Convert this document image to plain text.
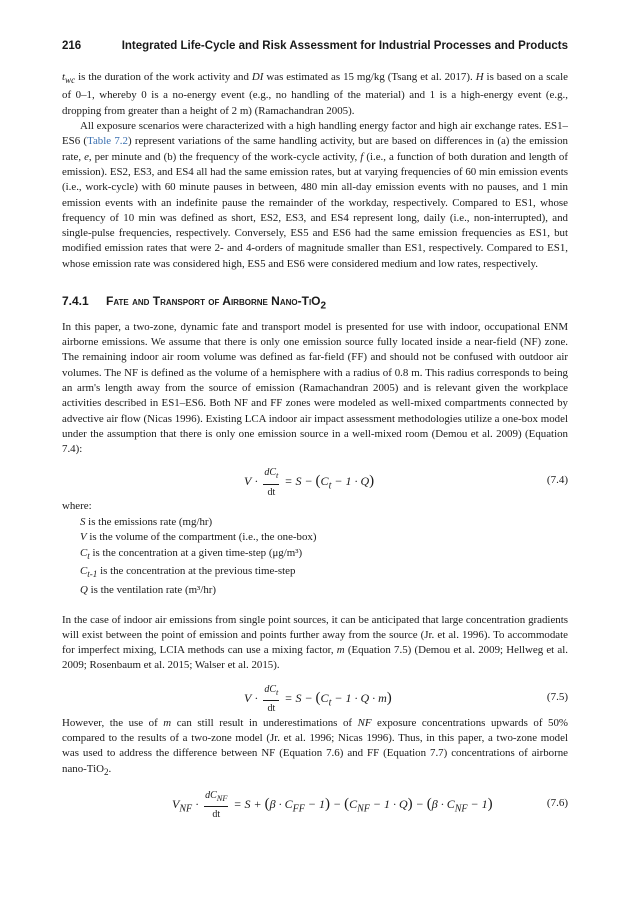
216	Integrated Life-Cycle and Risk Assessment for Industrial Processes and Products

$t_{wc}$ is the duration of the work activity and DI was estimated as 15 mg/kg (Tsang et al. 2017). H is based on a scale of 0–1, whereby 0 is a no-energy event (e.g., no handling of the material) and 1 is a high-energy event (e.g., dropping from greater than a height of 2 m) (Ramachandran 2005).

All exposure scenarios were characterized with a high handling energy factor and high air exchange rates. ES1–ES6 (Table 7.2) represent variations of the same handling activity, but are based on differences in (a) the emission rate, e, per minute and (b) the frequency of the work-cycle activity, f (i.e., a function of both duration and length of emission). ES2, ES3, and ES4 all had the same emission rates, but at varying frequencies of 60 min emission events (i.e., work-cycle) with 60 minute pauses in between, 480 min all-day emission events with no pauses, and 1 min emission events with an indefinite pause the remainder of the workday, respectively. Compared to ES1, whose frequency of 10 min was defined as short, ES2, ES3, and ES4 represent long, daily (i.e., non-interrupted), and single-pulse frequencies, respectively. Conversely, ES5 and ES6 had the same emission frequencies as ES1, but modified emission rates that were 2- and 4-orders of magnitude smaller than ES1, respectively. Compared to ES1, whose emission rate was considered high, ES5 and ES6 were considered medium and low rates, respectively.

7.4.1 Fate and Transport of Airborne Nano-TiO$_2$

In this paper, a two-zone, dynamic fate and transport model is presented for use with indoor, occupational ENM airborne emissions. We assume that there is only one emission source fully located inside a near-field (NF) zone. The remaining indoor air room volume was defined as far-field (FF) and should not be confused with outdoor air volumes. The NF is defined as the volume of a hemisphere with a radius of 0.8 m. This radius corresponds to being an arm's length away from the source of emission (Ramachandran 2005) and is relevant given the workplace activities described in ES1–ES6. Both NF and FF zones were modeled as well-mixed compartments connected by advective air flow (Nicas 1996). Existing LCA indoor air impact assessment methodologies utilize a one-box model under the assumption that there is only one emission source in a well-mixed room (Demou et al. 2009) (Equation 7.4):

$V \cdot \frac{dC_t}{dt} = S - (C_t - 1 \cdot Q)$	(7.4)
where:
S is the emissions rate (mg/hr)
V is the volume of the compartment (i.e., the one-box)
$C_t$ is the concentration at a given time-step (μg/m³)
$C_{t-1}$ is the concentration at the previous time-step
Q is the ventilation rate (m³/hr)

In the case of indoor air emissions from single point sources, it can be anticipated that large concentration gradients will exist between the point of emission and points further away from the source (Jr. et al. 1996). To accommodate for imperfect mixing, LCIA methods can use a mixing factor, m (Equation 7.5) (Demou et al. 2009; Hellweg et al. 2009; Rosenbaum et al. 2015; Walser et al. 2015).

$V \cdot \frac{dC_t}{dt} = S - (C_t - 1 \cdot Q \cdot m)$	(7.5)

However, the use of m can still result in underestimations of NF exposure concentrations upwards of 50% compared to the results of a two-zone model (Jr. et al. 1996; Nicas 1996). Thus, in this paper, a two-zone model was used to address the difference between NF (Equation 7.6) and FF (Equation 7.7) concentrations of airborne nano-TiO$_2$.

$V_{NF} \cdot \frac{dC_{NF}}{dt} = S + (\beta \cdot C_{FF} - 1) - (C_{NF} - 1 \cdot Q) - (\beta \cdot C_{NF} - 1)$	(7.6)
